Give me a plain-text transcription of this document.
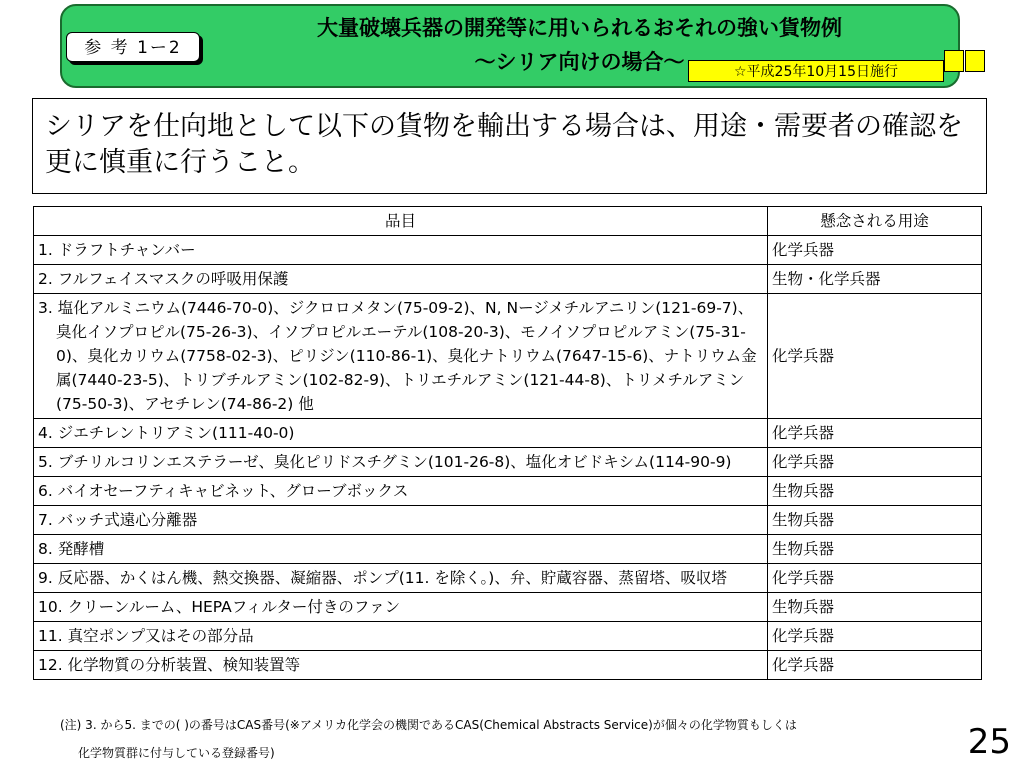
参 考 1ー2
大量破壊兵器の開発等に用いられるおそれの強い貨物例
～シリア向けの場合～	☆平成25年10月15日施行
シリアを仕向地として以下の貨物を輸出する場合は、用途・需要者の確認を更に慎重に行うこと。
品目	懸念される用途
1. ドラフトチャンバー	化学兵器
2. フルフェイスマスクの呼吸用保護	生物・化学兵器
3. 塩化アルミニウム(7446-70-0)、ジクロロメタン(75-09-2)、N, Nージメチルアニリン(121-69-7)、臭化イソプロピル(75-26-3)、イソプロピルエーテル(108-20-3)、モノイソプロピルアミン(75-31-0)、臭化カリウム(7758-02-3)、ピリジン(110-86-1)、臭化ナトリウム(7647-15-6)、ナトリウム金属(7440-23-5)、トリブチルアミン(102-82-9)、トリエチルアミン(121-44-8)、トリメチルアミン(75-50-3)、アセチレン(74-86-2) 他	化学兵器
4. ジエチレントリアミン(111-40-0)	化学兵器
5. ブチリルコリンエステラーゼ、臭化ピリドスチグミン(101-26-8)、塩化オビドキシム(114-90-9)	化学兵器
6. バイオセーフティキャビネット、グローブボックス	生物兵器
7. バッチ式遠心分離器	生物兵器
8. 発酵槽	生物兵器
9. 反応器、かくはん機、熱交換器、凝縮器、ポンプ(11. を除く。)、弁、貯蔵容器、蒸留塔、吸収塔	化学兵器
10. クリーンルーム、HEPAフィルター付きのファン	生物兵器
11. 真空ポンプ又はその部分品	化学兵器
12. 化学物質の分析装置、検知装置等	化学兵器
(注) 3. から5. までの( )の番号はCAS番号(※アメリカ化学会の機関であるCAS(Chemical Abstracts Service)が個々の化学物質もしくは
化学物質群に付与している登録番号)	25
